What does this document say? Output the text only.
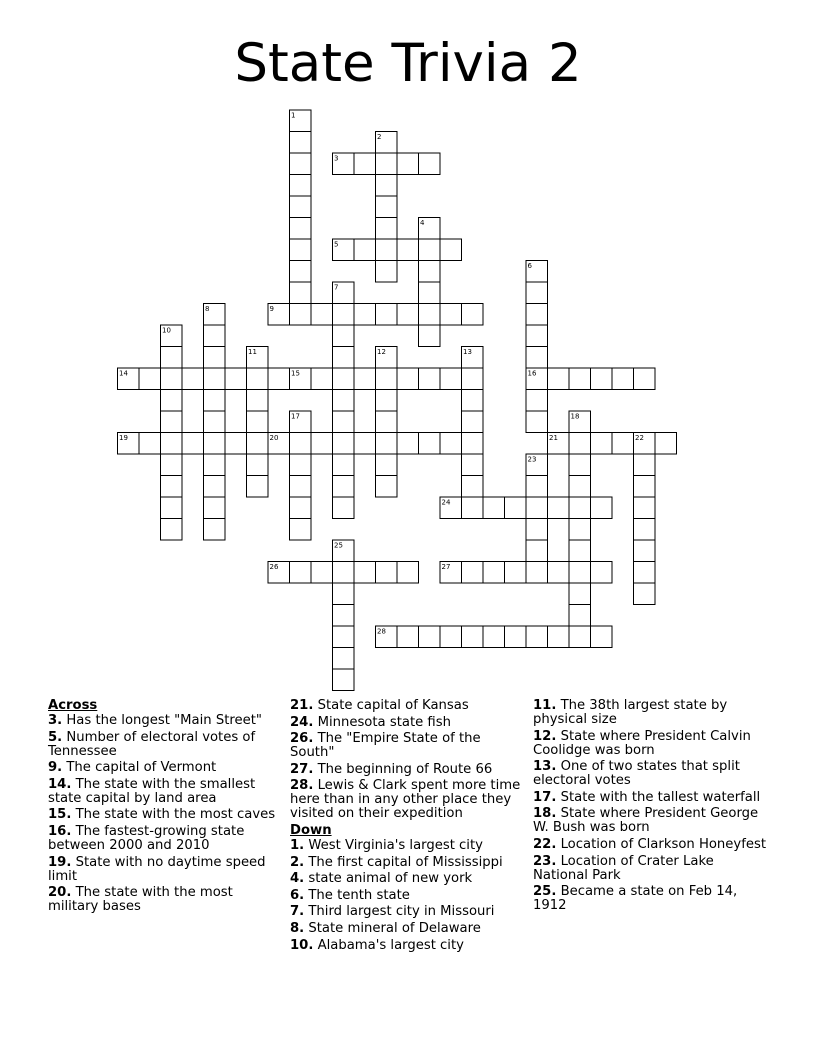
State Trivia 2
1
2
3
4
5
6
16
7
8	9
10
11	12	13
14	15
17	18
19	20	21	22
23
24
25
26	27
28
Across
3. Has the longest "Main Street"
5. Number of electoral votes of Tennessee
9. The capital of Vermont
14. The state with the smallest state capital by land area
15. The state with the most caves
16. The fastest-growing state between 2000 and 2010
19. State with no daytime speed limit
20. The state with the most military bases
21. State capital of Kansas
24. Minnesota state fish
26. The "Empire State of the South"
27. The beginning of Route 66
28. Lewis & Clark spent more time here than in any other place they visited on their expedition
Down
1. West Virginia's largest city
2. The first capital of Mississippi
4. state animal of new york
6. The tenth state
7. Third largest city in Missouri
8. State mineral of Delaware
10. Alabama's largest city
11. The 38th largest state by physical size
12. State where President Calvin Coolidge was born
13. One of two states that split electoral votes
17. State with the tallest waterfall
18. State where President George W. Bush was born
22. Location of Clarkson Honeyfest
23. Location of Crater Lake National Park
25. Became a state on Feb 14, 1912
